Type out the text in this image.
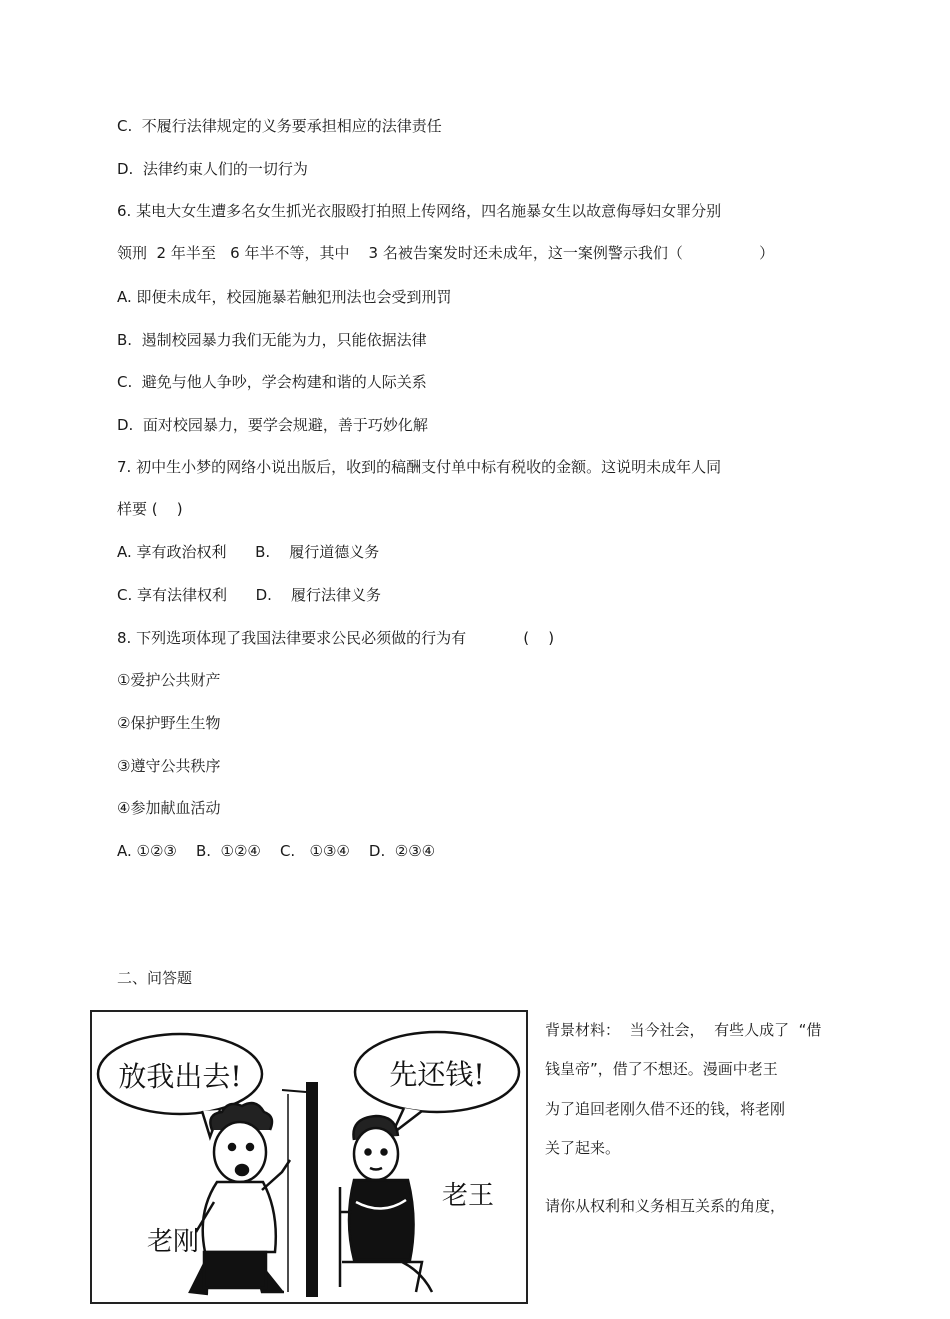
C.  不履行法律规定的义务要承担相应的法律责任
D.  法律约束人们的一切行为
6. 某电大女生遭多名女生抓光衣服殴打拍照上传网络，四名施暴女生以故意侮辱妇女罪分别
领刑  2 年半至   6 年半不等，其中    3 名被告案发时还未成年，这一案例警示我们（                ）
A. 即便未成年，校园施暴若触犯刑法也会受到刑罚
B.  遏制校园暴力我们无能为力，只能依据法律
C.  避免与他人争吵，学会构建和谐的人际关系
D.  面对校园暴力，要学会规避，善于巧妙化解
7. 初中生小梦的网络小说出版后，收到的稿酬支付单中标有税收的金额。这说明未成年人同
样要 (    )
A. 享有政治权利      B.    履行道德义务
C. 享有法律权利      D.    履行法律义务
8. 下列选项体现了我国法律要求公民必须做的行为有            (    )
①爱护公共财产
②保护野生生物
③遵守公共秩序
④参加献血活动
A. ①②③    B.  ①②④    C.   ①③④    D.  ②③④
二、问答题
放我出去!	先还钱!
老刚
老王
背景材料：  当今社会，  有些人成了  “借
钱皇帝”，借了不想还。漫画中老王
为了追回老刚久借不还的钱，将老刚
关了起来。
请你从权利和义务相互关系的角度，
